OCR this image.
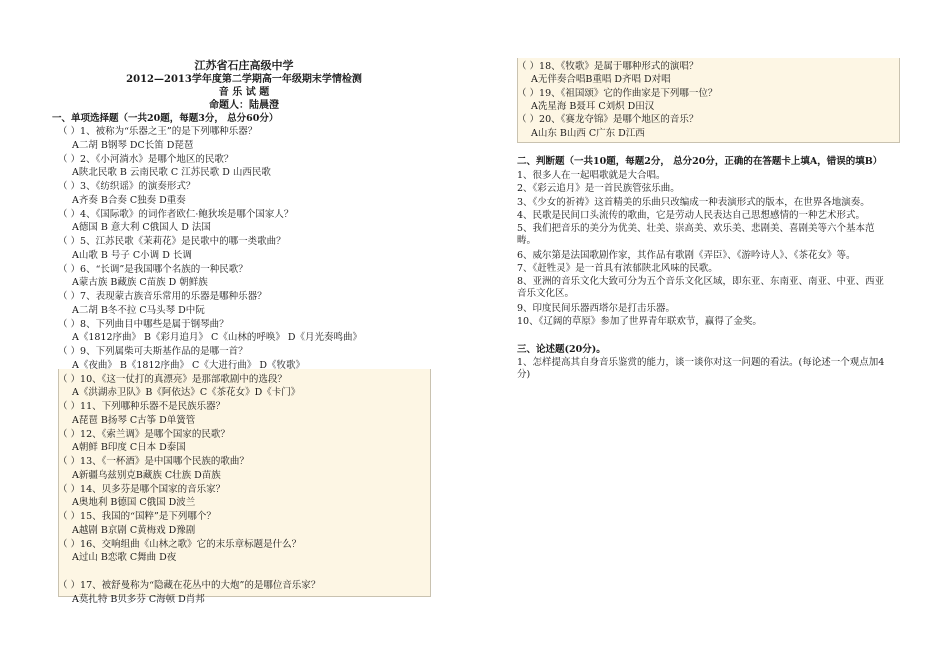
江苏省石庄高级中学
2012—2013学年度第二学期高一年级期末学情检测
音 乐 试 题
命题人：陆晨澄
一、单项选择题（一共20题，每题3分， 总分60分）
（ ）1、被称为“乐器之王”的是下列哪种乐器？
A二胡 B钢琴 DC长笛 D琵琶
（ ）2、《小河淌水》是哪个地区的民歌？
A陕北民歌 B 云南民歌 C 江苏民歌 D 山西民歌
（ ）3、《纺织谣》的演奏形式？
A齐奏 B合奏 C独奏 D重奏
（ ）4、《国际歌》的词作者欧仁·鲍狄埃是哪个国家人？
A德国 B 意大利 C俄国人 D 法国
（ ）5、江苏民歌《茉莉花》是民歌中的哪一类歌曲？
A山歌 B 号子 C小调 D 长调
（ ）6、“长调”是我国哪个名族的一种民歌？
A蒙古族 B藏族 C苗族 D 朝鲜族
（ ）7、表现蒙古族音乐常用的乐器是哪种乐器？
A二胡 B冬不拉 C马头琴 D中阮
（ ）8、下列曲目中哪些是属于钢琴曲？
A《1812序曲》 B《彩月追月》 C《山林的呼唤》 D《月光奏鸣曲》
（ ）9、下列属柴可夫斯基作品的是哪一首？
A《夜曲》 B《1812序曲》 C《大进行曲》 D《牧歌》
（ ）10、《这一仗打的真漂亮》是那部歌剧中的选段？
A《洪湖赤卫队》B《阿依达》C《茶花女》D《卡门》
（ ）11、下列哪种乐器不是民族乐器？
A琵琶 B扬琴 C古筝 D单簧管
（ ）12、《索兰调》是哪个国家的民歌？
A朝鲜 B印度 C日本 D泰国
（ ）13、《一杯酒》是中国哪个民族的歌曲？
A新疆乌兹别克B藏族 C壮族 D苗族
（ ）14、贝多芬是哪个国家的音乐家？
A奥地利 B德国 C俄国 D波兰
（ ）15、我国的“国粹”是下列哪个？
A越剧 B京剧 C黄梅戏 D豫剧
（ ）16、交响组曲《山林之歌》它的末乐章标题是什么？
A过山 B恋歌 C舞曲 D夜
（ ）17、被舒曼称为“隐藏在花丛中的大炮”的是哪位音乐家？
A莫扎特 B贝多芬 C海顿 D肖邦
（ ）18、《牧歌》是属于哪种形式的演唱？
A无伴奏合唱B重唱 D齐唱 D对唱
（ ）19、《祖国颂》它的作曲家是下列哪一位？
A冼星海 B聂耳 C刘炽 D田汉
（ ）20、《赛龙夺锦》是哪个地区的音乐？
A山东 B山西 C广东 D江西
二、判断题（一共10题，每题2分， 总分20分，正确的在答题卡上填A，错误的填B）
1、很多人在一起唱歌就是大合唱。
2、《彩云追月》是一首民族管弦乐曲。
3、《少女的祈祷》这首精美的乐曲只改编成一种表演形式的版本，在世界各地演奏。
4、民歌是民间口头流传的歌曲，它是劳动人民表达自己思想感情的一种艺术形式。
5、我们把音乐的美分为优美、壮美、崇高美、欢乐美、悲剧美、喜剧美等六个基本范畴。
6、威尔第是法国歌剧作家，其作品有歌剧《弄臣》、《游吟诗人》、《茶花女》等。
7、《赶牲灵》是一首具有浓郁陕北风味的民歌。
8、亚洲的音乐文化大致可分为五个音乐文化区域，即东亚、东南亚、南亚、中亚、西亚音乐文化区。
9、印度民间乐器西塔尔是打击乐器。
10、《辽阔的草原》参加了世界青年联欢节，赢得了金奖。
三、论述题(20分)。
1、怎样提高其自身音乐鉴赏的能力，谈一谈你对这一问题的看法。(每论述一个观点加4分)
